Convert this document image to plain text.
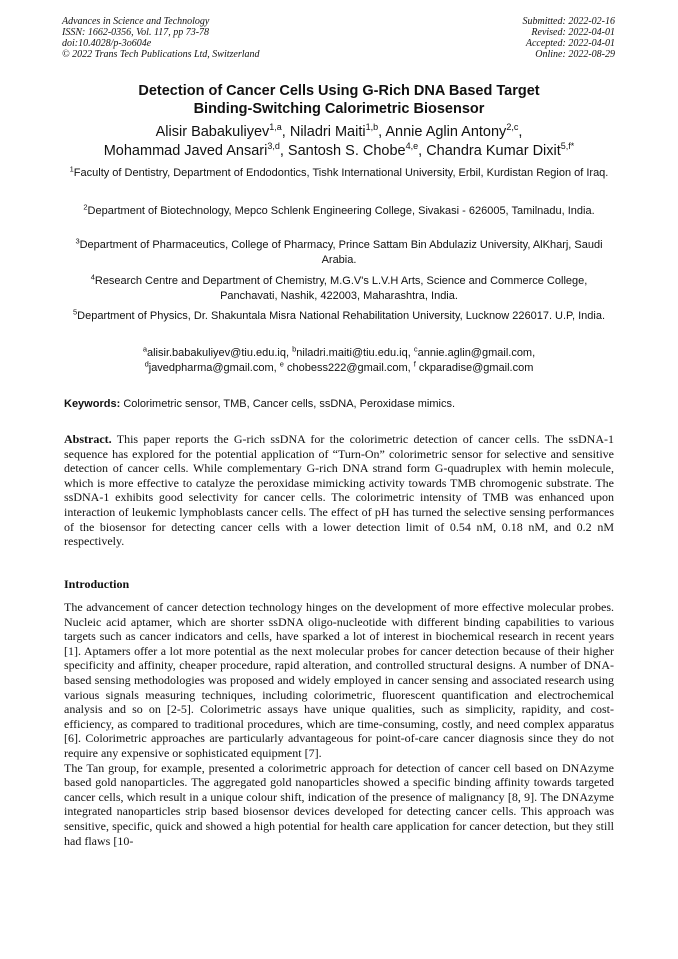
Advances in Science and Technology
ISSN: 1662-0356, Vol. 117, pp 73-78
doi:10.4028/p-3o604e
© 2022 Trans Tech Publications Ltd, Switzerland
Submitted: 2022-02-16
Revised: 2022-04-01
Accepted: 2022-04-01
Online: 2022-08-29
Detection of Cancer Cells Using G-Rich DNA Based Target
Binding-Switching Calorimetric Biosensor
Alisir Babakuliyev$^{1,a}$, Niladri Maiti$^{1,b}$, Annie Aglin Antony$^{2,c}$,
Mohammad Javed Ansari$^{3,d}$, Santosh S. Chobe$^{4,e}$, Chandra Kumar Dixit$^{5,f*}$
$^1$Faculty of Dentistry, Department of Endodontics, Tishk International University, Erbil, Kurdistan Region of Iraq.
$^2$Department of Biotechnology, Mepco Schlenk Engineering College, Sivakasi - 626005, Tamilnadu, India.
$^3$Department of Pharmaceutics, College of Pharmacy, Prince Sattam Bin Abdulaziz University, AlKharj, Saudi Arabia.
$^4$Research Centre and Department of Chemistry, M.G.V's L.V.H Arts, Science and Commerce College, Panchavati, Nashik, 422003, Maharashtra, India.
$^5$Department of Physics, Dr. Shakuntala Misra National Rehabilitation University, Lucknow 226017. U.P, India.
$^a$alisir.babakuliyev@tiu.edu.iq, $^b$niladri.maiti@tiu.edu.iq, $^c$annie.aglin@gmail.com,
$^d$javedpharma@gmail.com, $^e$ chobess222@gmail.com, $^f$ ckparadise@gmail.com
Keywords: Colorimetric sensor, TMB, Cancer cells, ssDNA, Peroxidase mimics.
Abstract. This paper reports the G-rich ssDNA for the colorimetric detection of cancer cells. The ssDNA-1 sequence has explored for the potential application of “Turn-On” colorimetric sensor for selective and sensitive detection of cancer cells. While complementary G-rich DNA strand form G-quadruplex with hemin molecule, which is more effective to catalyze the peroxidase mimicking activity towards TMB chromogenic substrate. The ssDNA-1 exhibits good selectivity for cancer cells. The colorimetric intensity of TMB was enhanced upon interaction of leukemic lymphoblasts cancer cells. The effect of pH has turned the selective sensing performances of the biosensor for detecting cancer cells with a lower detection limit of 0.54 nM, 0.18 nM, and 0.2 nM respectively.
Introduction

The advancement of cancer detection technology hinges on the development of more effective molecular probes. Nucleic acid aptamer, which are shorter ssDNA oligo-nucleotide with different binding capabilities to various targets such as cancer indicators and cells, have sparked a lot of interest in biochemical research in recent years [1]. Aptamers offer a lot more potential as the next molecular probes for cancer detection because of their higher specificity and affinity, cheaper procedure, rapid alteration, and controlled structural designs. A number of DNA-based sensing methodologies was proposed and widely employed in cancer sensing and associated research using various signals measuring techniques, including colorimetric, fluorescent quantification and electrochemical analysis and so on [2-5]. Colorimetric assays have unique qualities, such as simplicity, rapidity, and cost-efficiency, as compared to traditional procedures, which are time-consuming, costly, and need complex apparatus [6]. Colorimetric approaches are particularly advantageous for point-of-care cancer diagnosis since they do not require any expensive or sophisticated equipment [7].

The Tan group, for example, presented a colorimetric approach for detection of cancer cell based on DNAzyme based gold nanoparticles. The aggregated gold nanoparticles showed a specific binding affinity towards targeted cancer cells, which result in a unique colour shift, indication of the presence of malignancy [8, 9]. The DNAzyme integrated nanoparticles strip based biosensor devices developed for detecting cancer cells. This approach was sensitive, specific, quick and showed a high potential for health care application for cancer detection, but they still had flaws [10-
